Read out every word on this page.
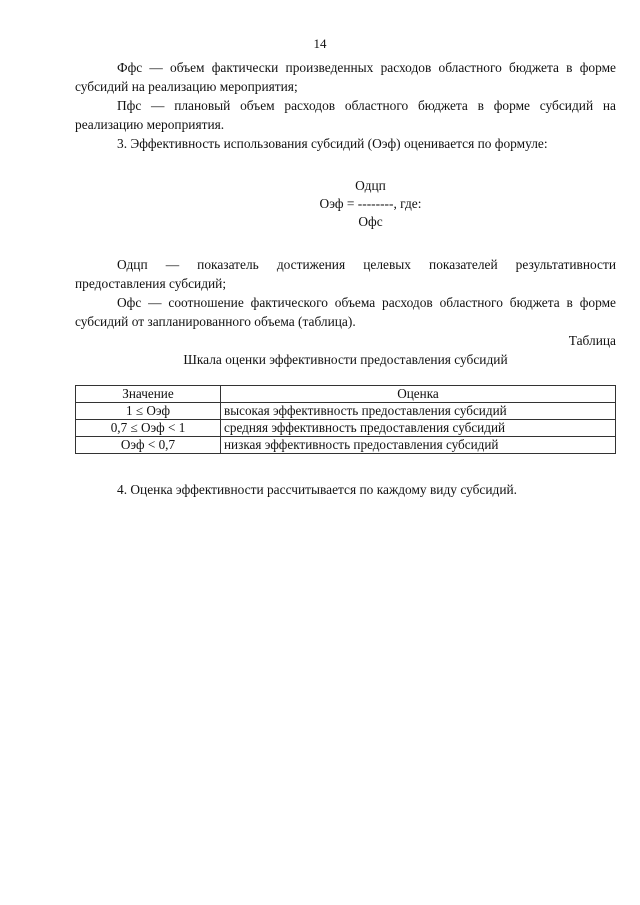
14

Ффс — объем фактически произведенных расходов областного бюджета в форме субсидий на реализацию мероприятия;

Пфс — плановый объем расходов областного бюджета в форме субсидий на реализацию мероприятия.

3. Эффективность использования субсидий (Оэф) оценивается по формуле:

Одцп
Оэф = --------, где:
Офс

Одцп — показатель достижения целевых показателей результативности предоставления субсидий;

Офс — соотношение фактического объема расходов областного бюджета в форме субсидий от запланированного объема (таблица).

Таблица
Шкала оценки эффективности предоставления субсидий
Значение	Оценка
1 ≤ Оэф	высокая эффективность предоставления субсидий
0,7 ≤ Оэф < 1	средняя эффективность предоставления субсидий
Оэф < 0,7	низкая эффективность предоставления субсидий

4. Оценка эффективности рассчитывается по каждому виду субсидий.
